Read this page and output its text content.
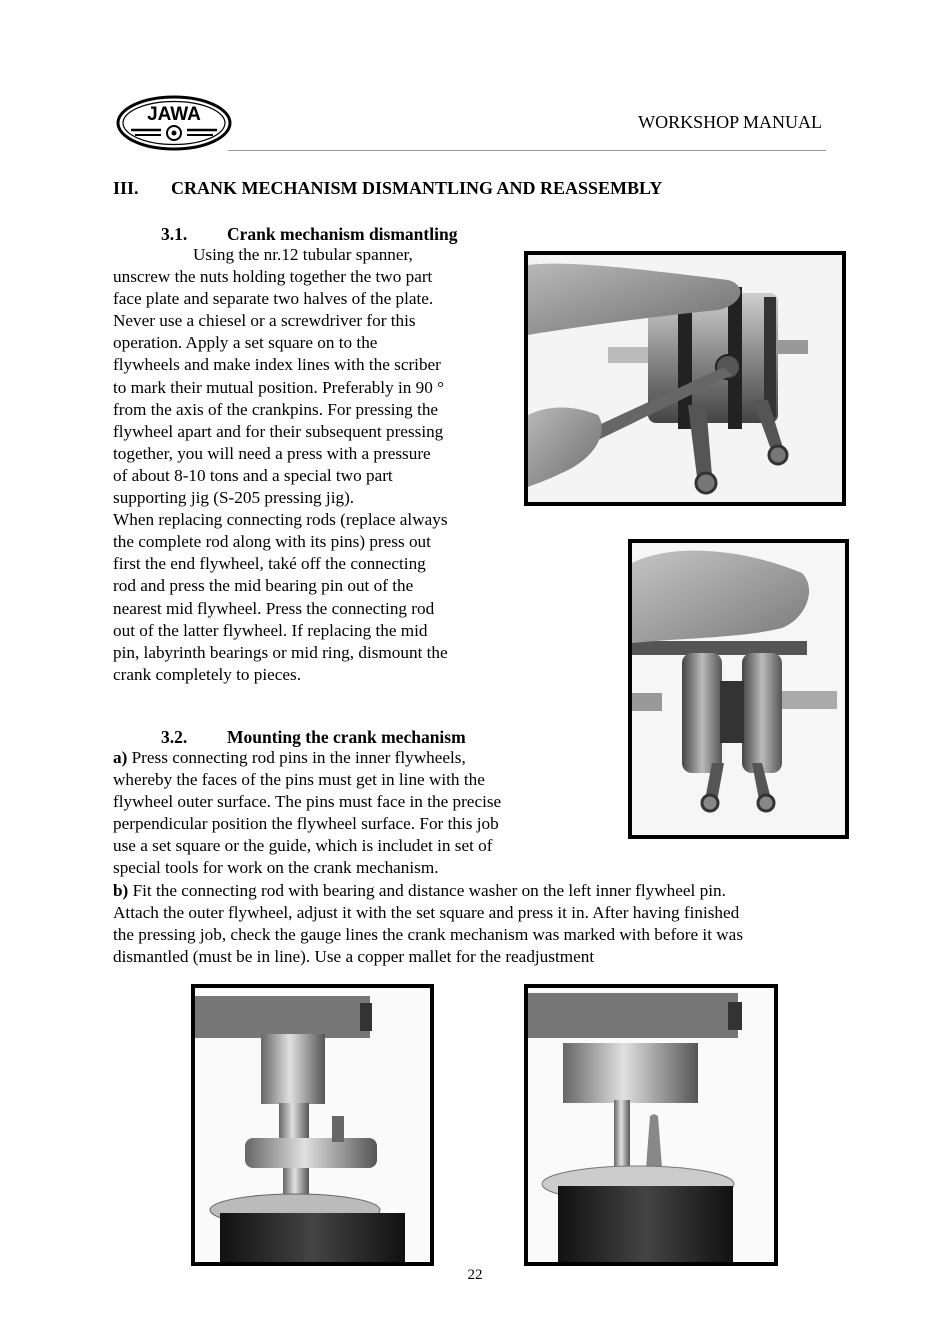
JAWA	WORKSHOP MANUAL
III. CRANK MECHANISM DISMANTLING AND REASSEMBLY
3.1. Crank mechanism dismantling

Using the nr.12 tubular spanner,

unscrew the nuts holding together the two part

face plate and separate two halves of the plate.

Never use a chiesel or a screwdriver for this

operation. Apply a set square on to the

flywheels and make index lines with the scriber

to mark their mutual position. Preferably in 90 °

from the axis of the crankpins. For pressing the

flywheel apart and for their subsequent pressing

together, you will need a press with a pressure

of about 8-10 tons and a special two part

supporting jig (S-205 pressing jig).

When replacing connecting rods (replace always

the complete rod along with its pins) press out

first the end flywheel, také off the connecting

rod and press the mid bearing pin out of the

nearest mid flywheel. Press the connecting rod

out of the latter flywheel. If replacing the mid

pin, labyrinth bearings or mid ring, dismount the

crank completely to pieces.

3.2. Mounting the crank mechanism

a) Press connecting rod pins in the inner flywheels,

whereby the faces of the pins must get in line with the

flywheel outer surface. The pins must face in the precise

perpendicular position the flywheel surface. For this job

use a set square or the guide, which is includet in set of

special tools for work on the crank mechanism.

b) Fit the connecting rod with bearing and distance washer on the left inner flywheel pin.

Attach the outer flywheel, adjust it with the set square and press it in. After having finished

the pressing job, check the gauge lines the crank mechanism was marked with before it was

dismantled (must be in line). Use a copper mallet for the readjustment

22
